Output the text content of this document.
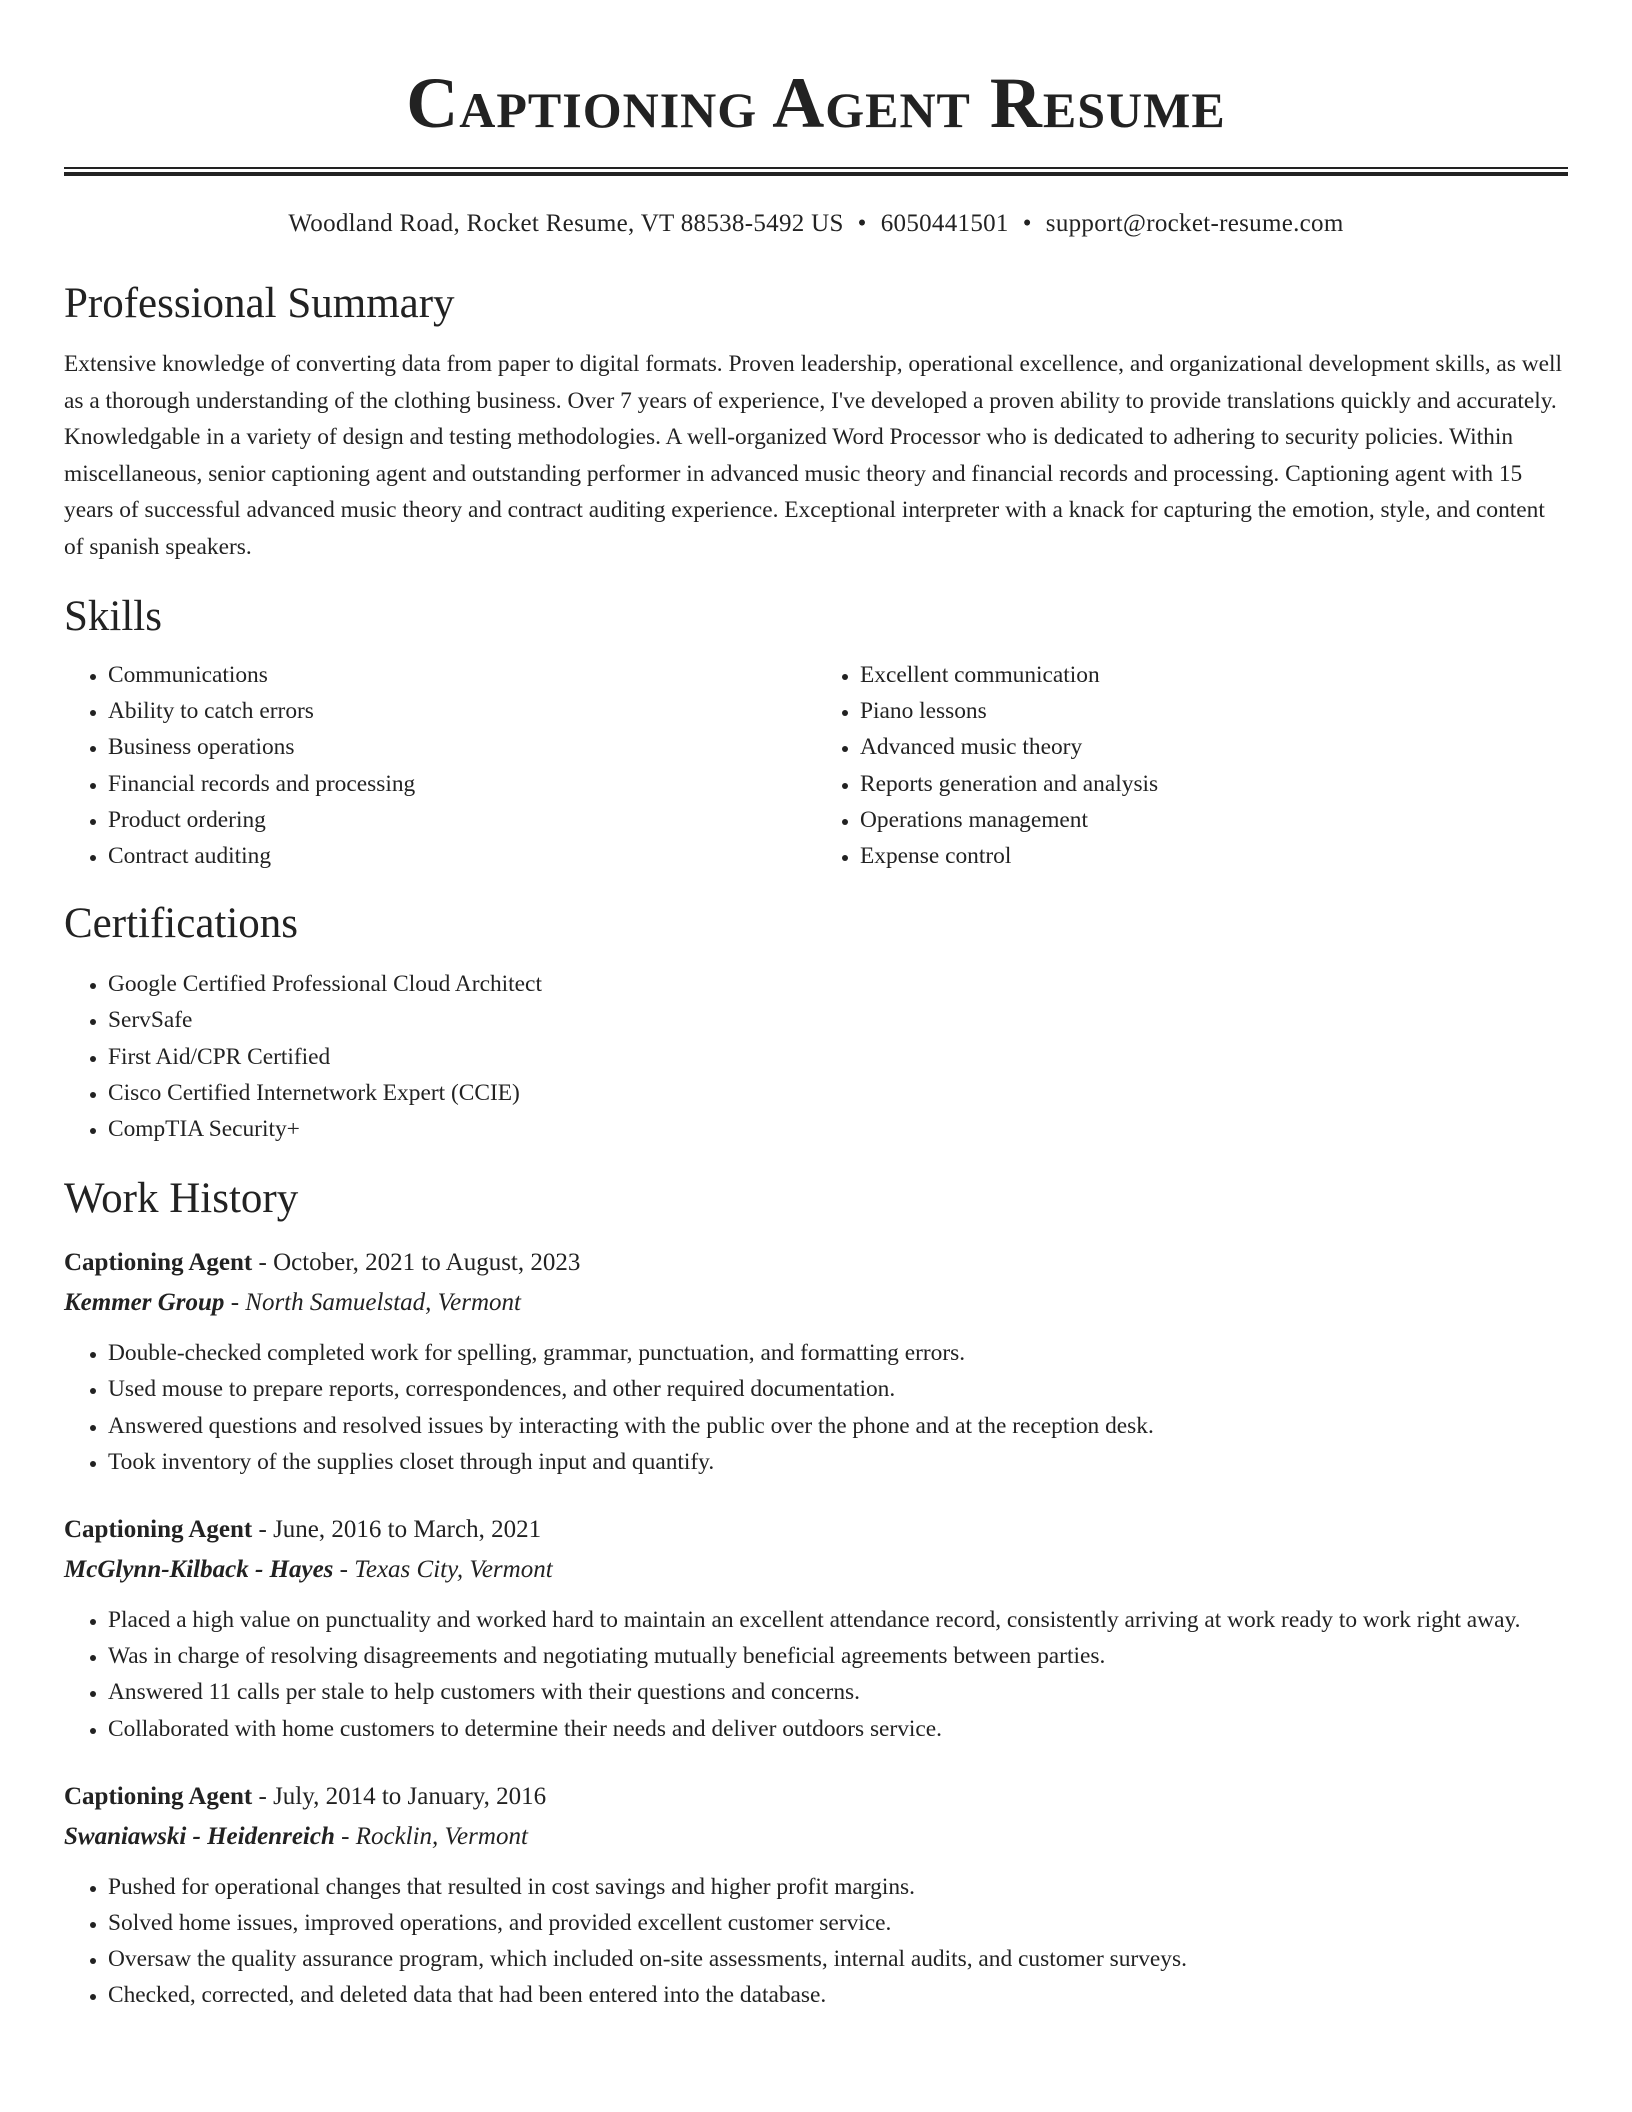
Captioning Agent Resume
Woodland Road, Rocket Resume, VT 88538-5492 US • 6050441501 • support@rocket-resume.com
Professional Summary

Extensive knowledge of converting data from paper to digital formats. Proven leadership, operational excellence, and organizational development skills, as well as a thorough understanding of the clothing business. Over 7 years of experience, I've developed a proven ability to provide translations quickly and accurately. Knowledgable in a variety of design and testing methodologies. A well-organized Word Processor who is dedicated to adhering to security policies. Within miscellaneous, senior captioning agent and outstanding performer in advanced music theory and financial records and processing. Captioning agent with 15 years of successful advanced music theory and contract auditing experience. Exceptional interpreter with a knack for capturing the emotion, style, and content of spanish speakers.

Skills
• Communications
• Ability to catch errors
• Business operations
• Financial records and processing
• Product ordering
• Contract auditing
• Excellent communication
• Piano lessons
• Advanced music theory
• Reports generation and analysis
• Operations management
• Expense control
Certifications
• Google Certified Professional Cloud Architect
• ServSafe
• First Aid/CPR Certified
• Cisco Certified Internetwork Expert (CCIE)
• CompTIA Security+
Work History
Captioning Agent - October, 2021 to August, 2023
Kemmer Group - North Samuelstad, Vermont
• Double-checked completed work for spelling, grammar, punctuation, and formatting errors.
• Used mouse to prepare reports, correspondences, and other required documentation.
• Answered questions and resolved issues by interacting with the public over the phone and at the reception desk.
• Took inventory of the supplies closet through input and quantify.
Captioning Agent - June, 2016 to March, 2021
McGlynn-Kilback - Hayes - Texas City, Vermont
• Placed a high value on punctuality and worked hard to maintain an excellent attendance record, consistently arriving at work ready to work right away.
• Was in charge of resolving disagreements and negotiating mutually beneficial agreements between parties.
• Answered 11 calls per stale to help customers with their questions and concerns.
• Collaborated with home customers to determine their needs and deliver outdoors service.
Captioning Agent - July, 2014 to January, 2016
Swaniawski - Heidenreich - Rocklin, Vermont
• Pushed for operational changes that resulted in cost savings and higher profit margins.
• Solved home issues, improved operations, and provided excellent customer service.
• Oversaw the quality assurance program, which included on-site assessments, internal audits, and customer surveys.
• Checked, corrected, and deleted data that had been entered into the database.
